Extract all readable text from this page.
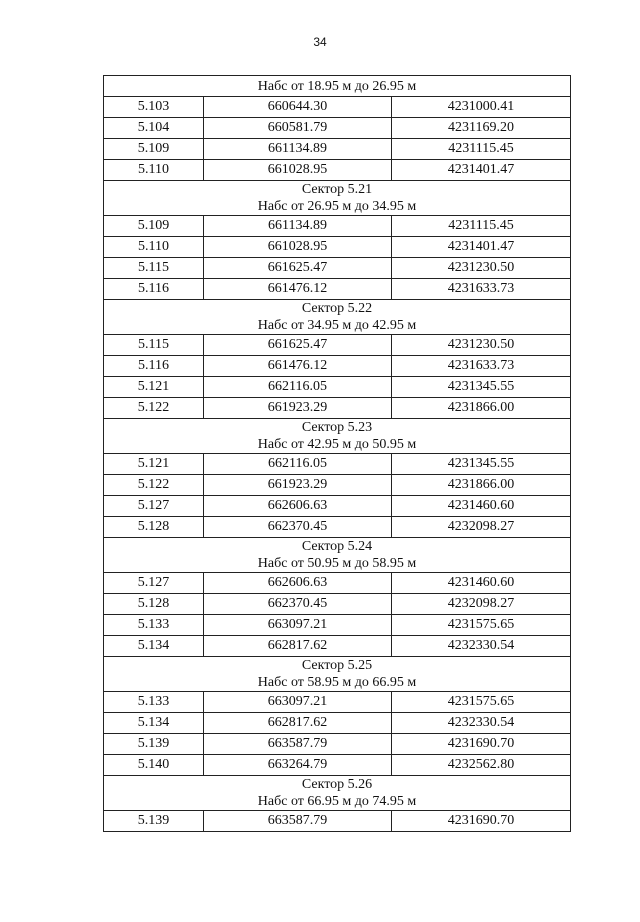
34
Набс от 18.95 м до 26.95 м		

5.103	660644.30	4231000.41
5.104	660581.79	4231169.20
5.109	661134.89	4231115.45
5.110	661028.95	4231401.47

Сектор 5.21
Набс от 26.95 м до 34.95 м		

5.109	661134.89	4231115.45
5.110	661028.95	4231401.47
5.115	661625.47	4231230.50
5.116	661476.12	4231633.73

Сектор 5.22
Набс от 34.95 м до 42.95 м		

5.115	661625.47	4231230.50
5.116	661476.12	4231633.73
5.121	662116.05	4231345.55
5.122	661923.29	4231866.00

Сектор 5.23
Набс от 42.95 м до 50.95 м		

5.121	662116.05	4231345.55
5.122	661923.29	4231866.00
5.127	662606.63	4231460.60
5.128	662370.45	4232098.27

Сектор 5.24
Набс от 50.95 м до 58.95 м		

5.127	662606.63	4231460.60
5.128	662370.45	4232098.27
5.133	663097.21	4231575.65
5.134	662817.62	4232330.54

Сектор 5.25
Набс от 58.95 м до 66.95 м		

5.133	663097.21	4231575.65
5.134	662817.62	4232330.54
5.139	663587.79	4231690.70
5.140	663264.79	4232562.80

Сектор 5.26
Набс от 66.95 м до 74.95 м		

5.139	663587.79	4231690.70
